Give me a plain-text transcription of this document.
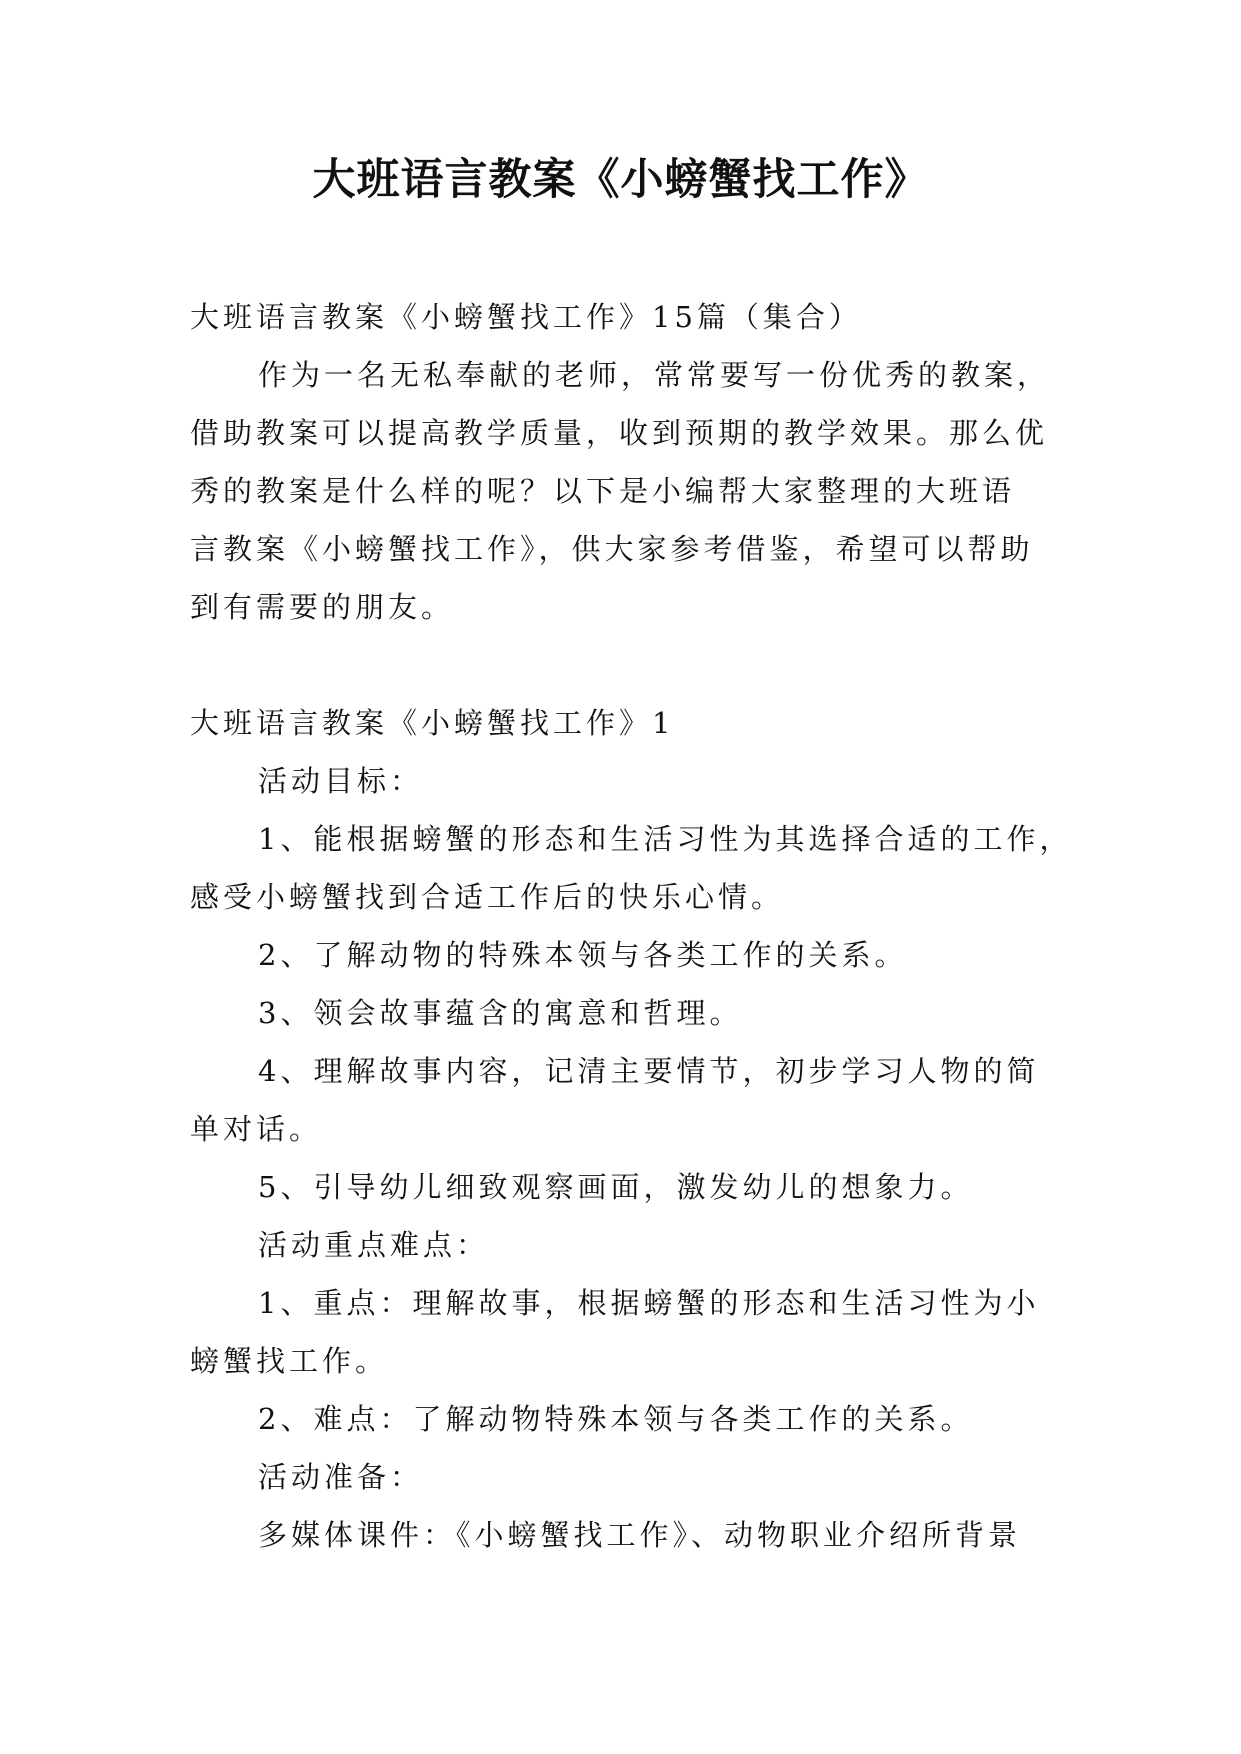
大班语言教案《小螃蟹找工作》

大班语言教案《小螃蟹找工作》15篇（集合）

作为一名无私奉献的老师，常常要写一份优秀的教案，

借助教案可以提高教学质量，收到预期的教学效果。那么优

秀的教案是什么样的呢？以下是小编帮大家整理的大班语

言教案《小螃蟹找工作》，供大家参考借鉴，希望可以帮助

到有需要的朋友。

大班语言教案《小螃蟹找工作》1

活动目标：

1、能根据螃蟹的形态和生活习性为其选择合适的工作，

感受小螃蟹找到合适工作后的快乐心情。

2、了解动物的特殊本领与各类工作的关系。

3、领会故事蕴含的寓意和哲理。

4、理解故事内容，记清主要情节，初步学习人物的简

单对话。

5、引导幼儿细致观察画面，激发幼儿的想象力。

活动重点难点：

1、重点：理解故事，根据螃蟹的形态和生活习性为小

螃蟹找工作。

2、难点：了解动物特殊本领与各类工作的关系。

活动准备：

多媒体课件：《小螃蟹找工作》、动物职业介绍所背景
